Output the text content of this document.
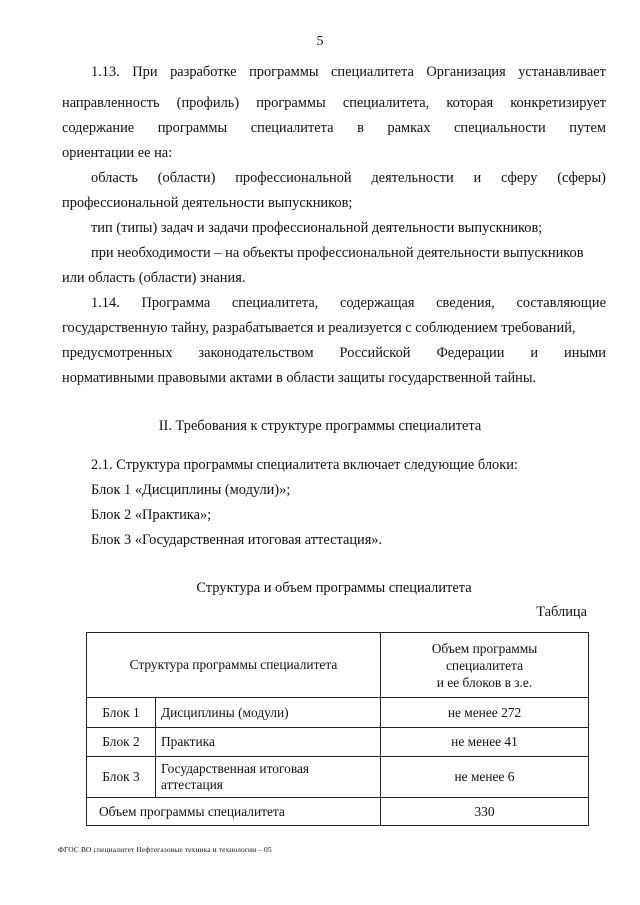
5
1.13. При разработке программы специалитета Организация устанавливает
направленность (профиль) программы специалитета, которая конкретизирует
содержание программы специалитета в рамках специальности путем
ориентации ее на:
область (области) профессиональной деятельности и сферу (сферы)
профессиональной деятельности выпускников;
тип (типы) задач и задачи профессиональной деятельности выпускников;
при необходимости – на объекты профессиональной деятельности выпускников
или область (области) знания.
1.14. Программа специалитета, содержащая сведения, составляющие
государственную тайну, разрабатывается и реализуется с соблюдением требований,
предусмотренных законодательством Российской Федерации и иными
нормативными правовыми актами в области защиты государственной тайны.
II. Требования к структуре программы специалитета
2.1. Структура программы специалитета включает следующие блоки:
Блок 1 «Дисциплины (модули)»;
Блок 2 «Практика»;
Блок 3 «Государственная итоговая аттестация».
Структура и объем программы специалитета
Таблица
Структура программы специалитета		Объем программы
специалитета
и ее блоков в з.е.

Блок 1	Дисциплины (модули)	не менее 272
Блок 2	Практика	не менее 41
Блок 3	Государственная итоговая
аттестация	не менее 6
Объем программы специалитета		330
ФГОС ВО специалитет Нефтегазовые техника и технологии – 05
